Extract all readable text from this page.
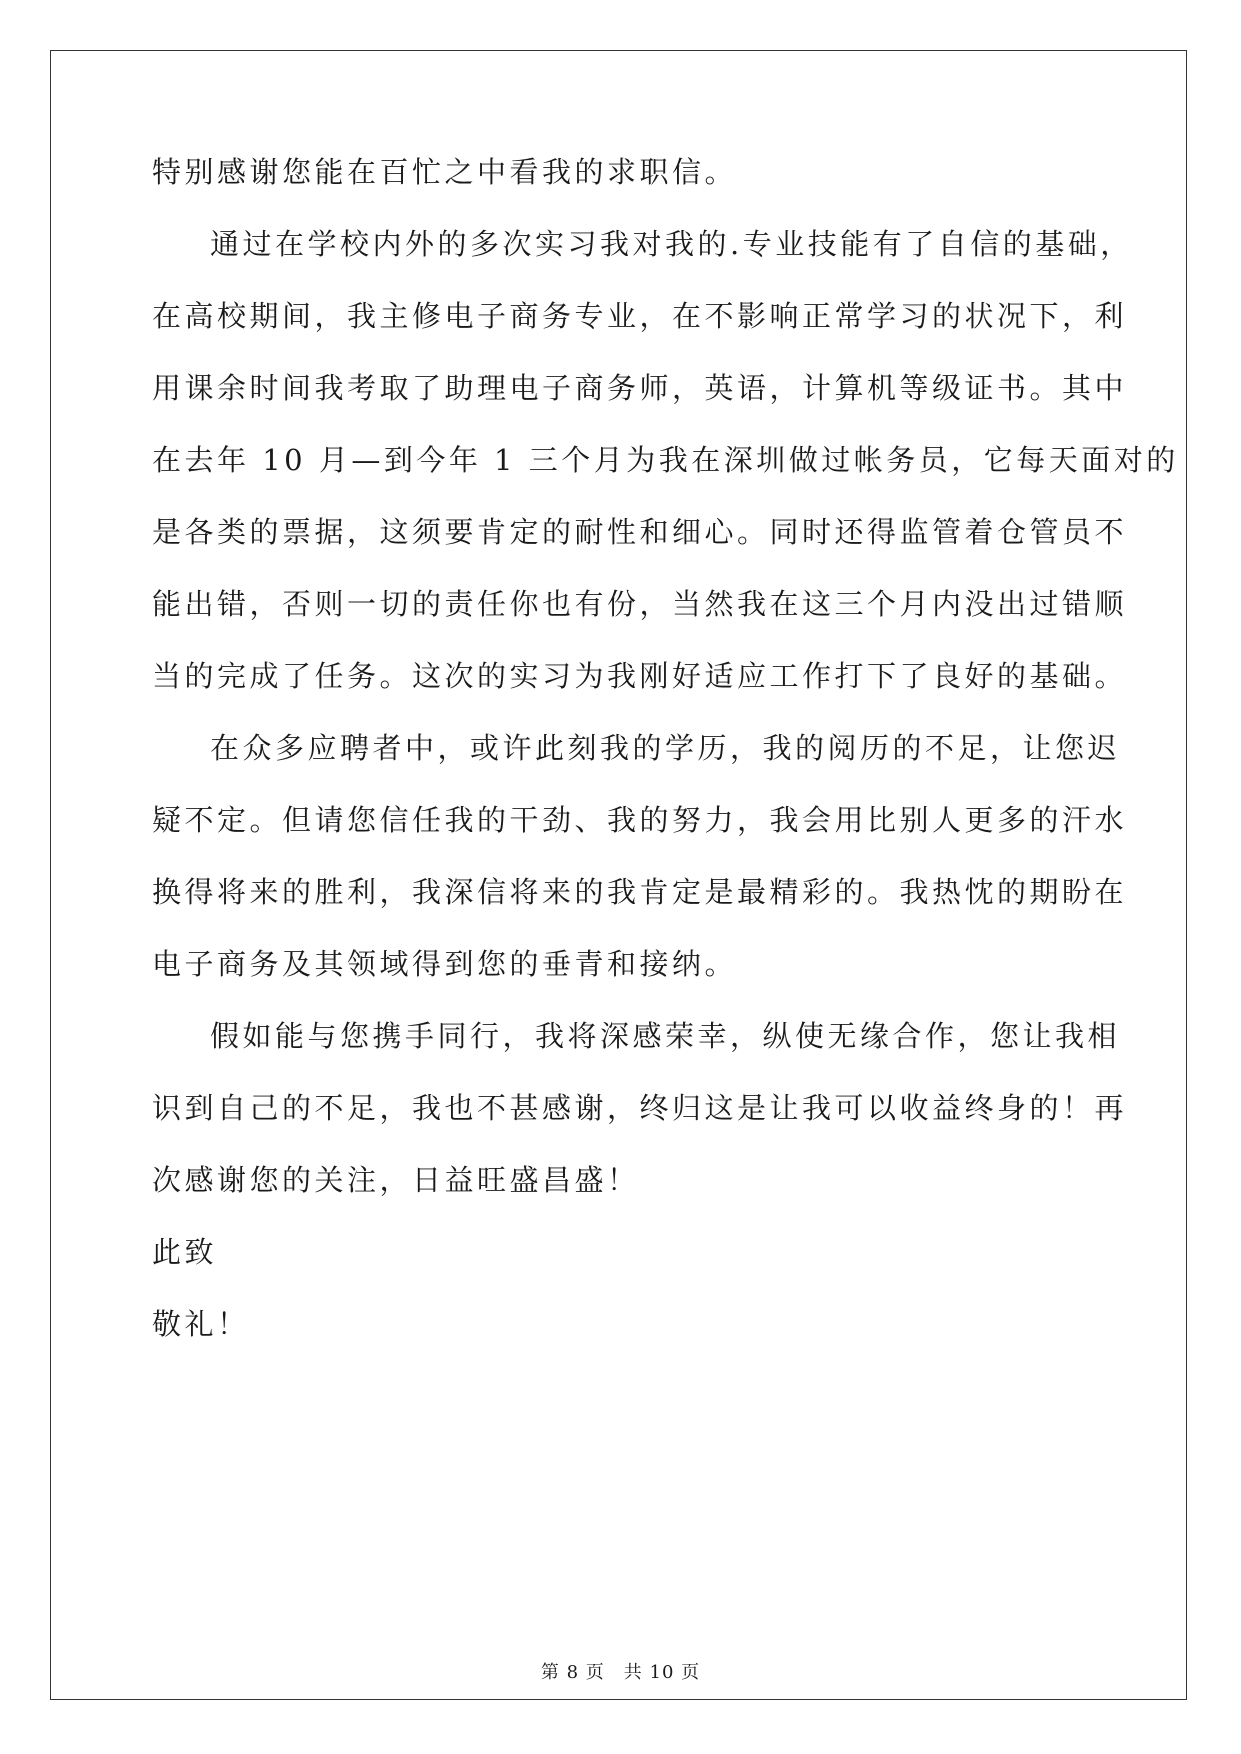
特别感谢您能在百忙之中看我的求职信。
通过在学校内外的多次实习我对我的.专业技能有了自信的基础，
在高校期间，我主修电子商务专业，在不影响正常学习的状况下，利
用课余时间我考取了助理电子商务师，英语，计算机等级证书。其中
在去年 10 月—到今年 1 三个月为我在深圳做过帐务员，它每天面对的
是各类的票据，这须要肯定的耐性和细心。同时还得监管着仓管员不
能出错，否则一切的责任你也有份，当然我在这三个月内没出过错顺
当的完成了任务。这次的实习为我刚好适应工作打下了良好的基础。
在众多应聘者中，或许此刻我的学历，我的阅历的不足，让您迟
疑不定。但请您信任我的干劲、我的努力，我会用比别人更多的汗水
换得将来的胜利，我深信将来的我肯定是最精彩的。我热忱的期盼在
电子商务及其领域得到您的垂青和接纳。
假如能与您携手同行，我将深感荣幸，纵使无缘合作，您让我相
识到自己的不足，我也不甚感谢，终归这是让我可以收益终身的！再
次感谢您的关注，日益旺盛昌盛！
此致
敬礼！
第 8 页　共 10 页
